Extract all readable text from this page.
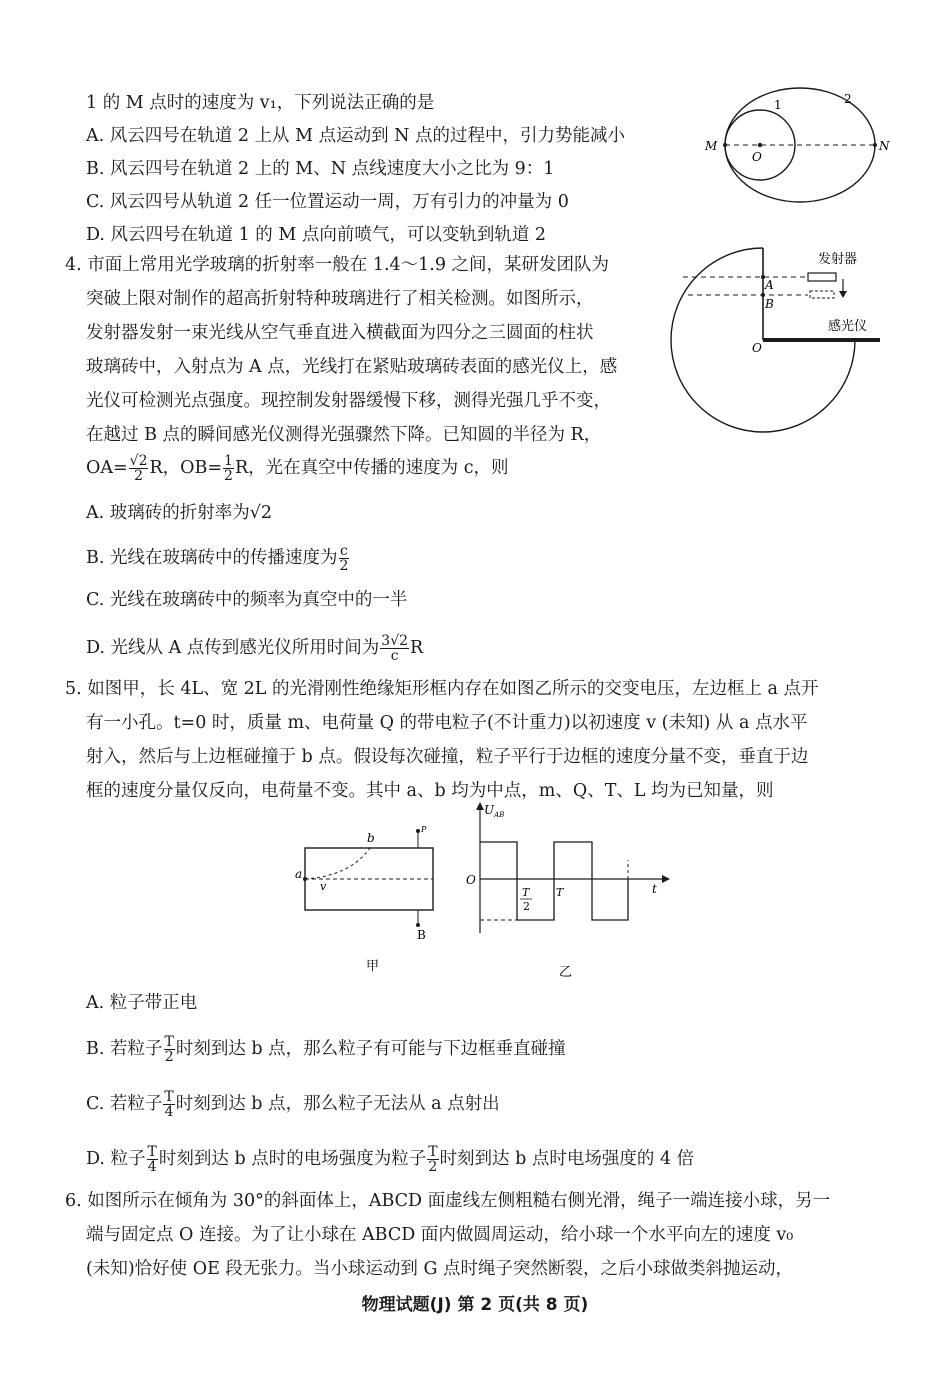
1 的 M 点时的速度为 v₁，下列说法正确的是
A. 风云四号在轨道 2 上从 M 点运动到 N 点的过程中，引力势能减小
B. 风云四号在轨道 2 上的 M、N 点线速度大小之比为 9：1
C. 风云四号从轨道 2 任一位置运动一周，万有引力的冲量为 0
D. 风云四号在轨道 1 的 M 点向前喷气，可以变轨到轨道 2
1	2
M
O
N
4. 市面上常用光学玻璃的折射率一般在 1.4～1.9 之间，某研发团队为
突破上限对制作的超高折射特种玻璃进行了相关检测。如图所示，
发射器发射一束光线从空气垂直进入横截面为四分之三圆面的柱状
玻璃砖中，入射点为 A 点，光线打在紧贴玻璃砖表面的感光仪上，感
光仪可检测光点强度。现控制发射器缓慢下移，测得光强几乎不变，
在越过 B 点的瞬间感光仪测得光强骤然下降。已知圆的半径为 R，
$OA= \frac{√2}{2}$ R，$OB= \frac{1}{2}$ R，光在真空中传播的速度为 c，则
A. 玻璃砖的折射率为√2
B. 光线在玻璃砖中的传播速度为 $\frac{c}{2}$
C. 光线在玻璃砖中的频率为真空中的一半
D. 光线从 A 点传到感光仪所用时间为 $\frac{3√2}{c}$ R
发射器
A
B
O
感光仪
5. 如图甲，长 4L、宽 2L 的光滑刚性绝缘矩形框内存在如图乙所示的交变电压，左边框上 a 点开
有一小孔。t=0 时，质量 m、电荷量 Q 的带电粒子(不计重力)以初速度 v (未知) 从 a 点水平
射入，然后与上边框碰撞于 b 点。假设每次碰撞，粒子平行于边框的速度分量不变，垂直于边
框的速度分量仅反向，电荷量不变。其中 a、b 均为中点，m、Q、T、L 均为已知量，则
a
b
v
P
B
甲
$U_{AB}$
O
t
T
2
T
乙
A. 粒子带正电
B. 若粒子 $\frac{T}{2}$ 时刻到达 b 点，那么粒子有可能与下边框垂直碰撞
C. 若粒子 $\frac{T}{4}$ 时刻到达 b 点，那么粒子无法从 a 点射出
D. 粒子 $\frac{T}{4}$ 时刻到达 b 点时的电场强度为粒子 $\frac{T}{2}$ 时刻到达 b 点时电场强度的 4 倍
6. 如图所示在倾角为 30°的斜面体上，ABCD 面虚线左侧粗糙右侧光滑，绳子一端连接小球，另一
端与固定点 O 连接。为了让小球在 ABCD 面内做圆周运动，给小球一个水平向左的速度 v₀
(未知)恰好使 OE 段无张力。当小球运动到 G 点时绳子突然断裂，之后小球做类斜抛运动，
物理试题(J) 第 2 页(共 8 页)
